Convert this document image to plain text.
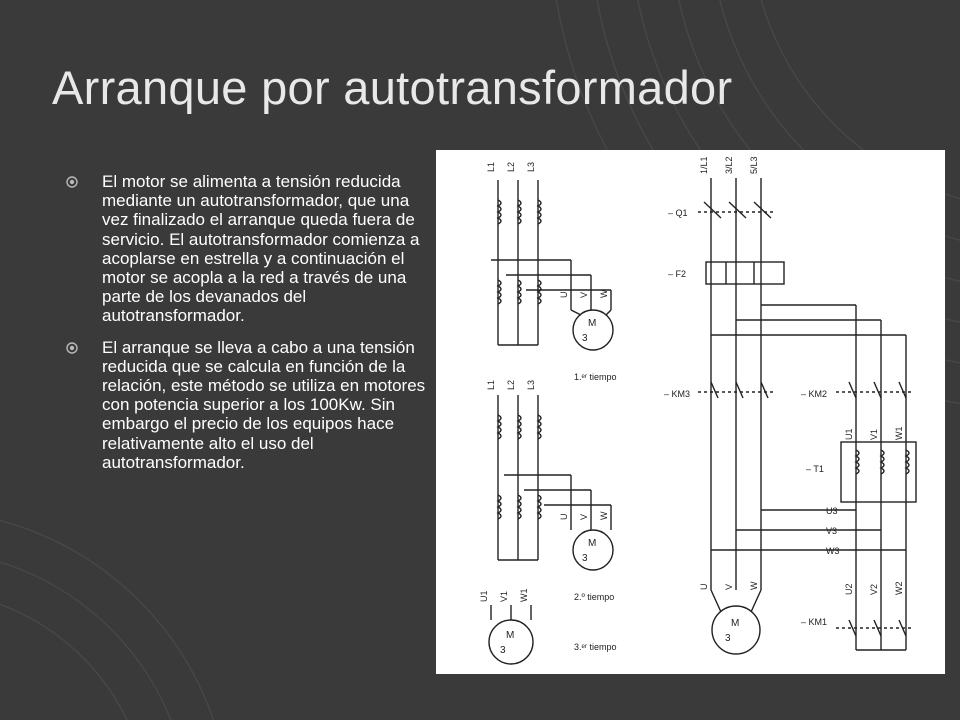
Arranque por autotransformador
El motor se alimenta a tensión reducida mediante un autotransformador, que una vez finalizado el arranque queda fuera de servicio. El autotransformador comienza a acoplarse en estrella y a continuación el motor se acopla a la red a través de una parte de los devanados del autotransformador.
El arranque se lleva a cabo a una tensión reducida que se calcula en función de la relación, este método se utiliza en motores con potencia superior a los 100Kw. Sin embargo el precio de los equipos hace relativamente alto el uso del autotransformador.
L1 L2 L3
U V W
M
3
1.ᵉʳ tiempo
L1 L2 L3
U V W
M
3
2.º tiempo
U1 V1 W1
M
3	3.ᵉʳ tiempo
1/L1 3/L2 5/L3
– Q1
– F2
– KM3	– KM2
– T1
– KM1
U3
V3
W3
U1 V1 W1
U2 V2 W2
U V W
M
3
